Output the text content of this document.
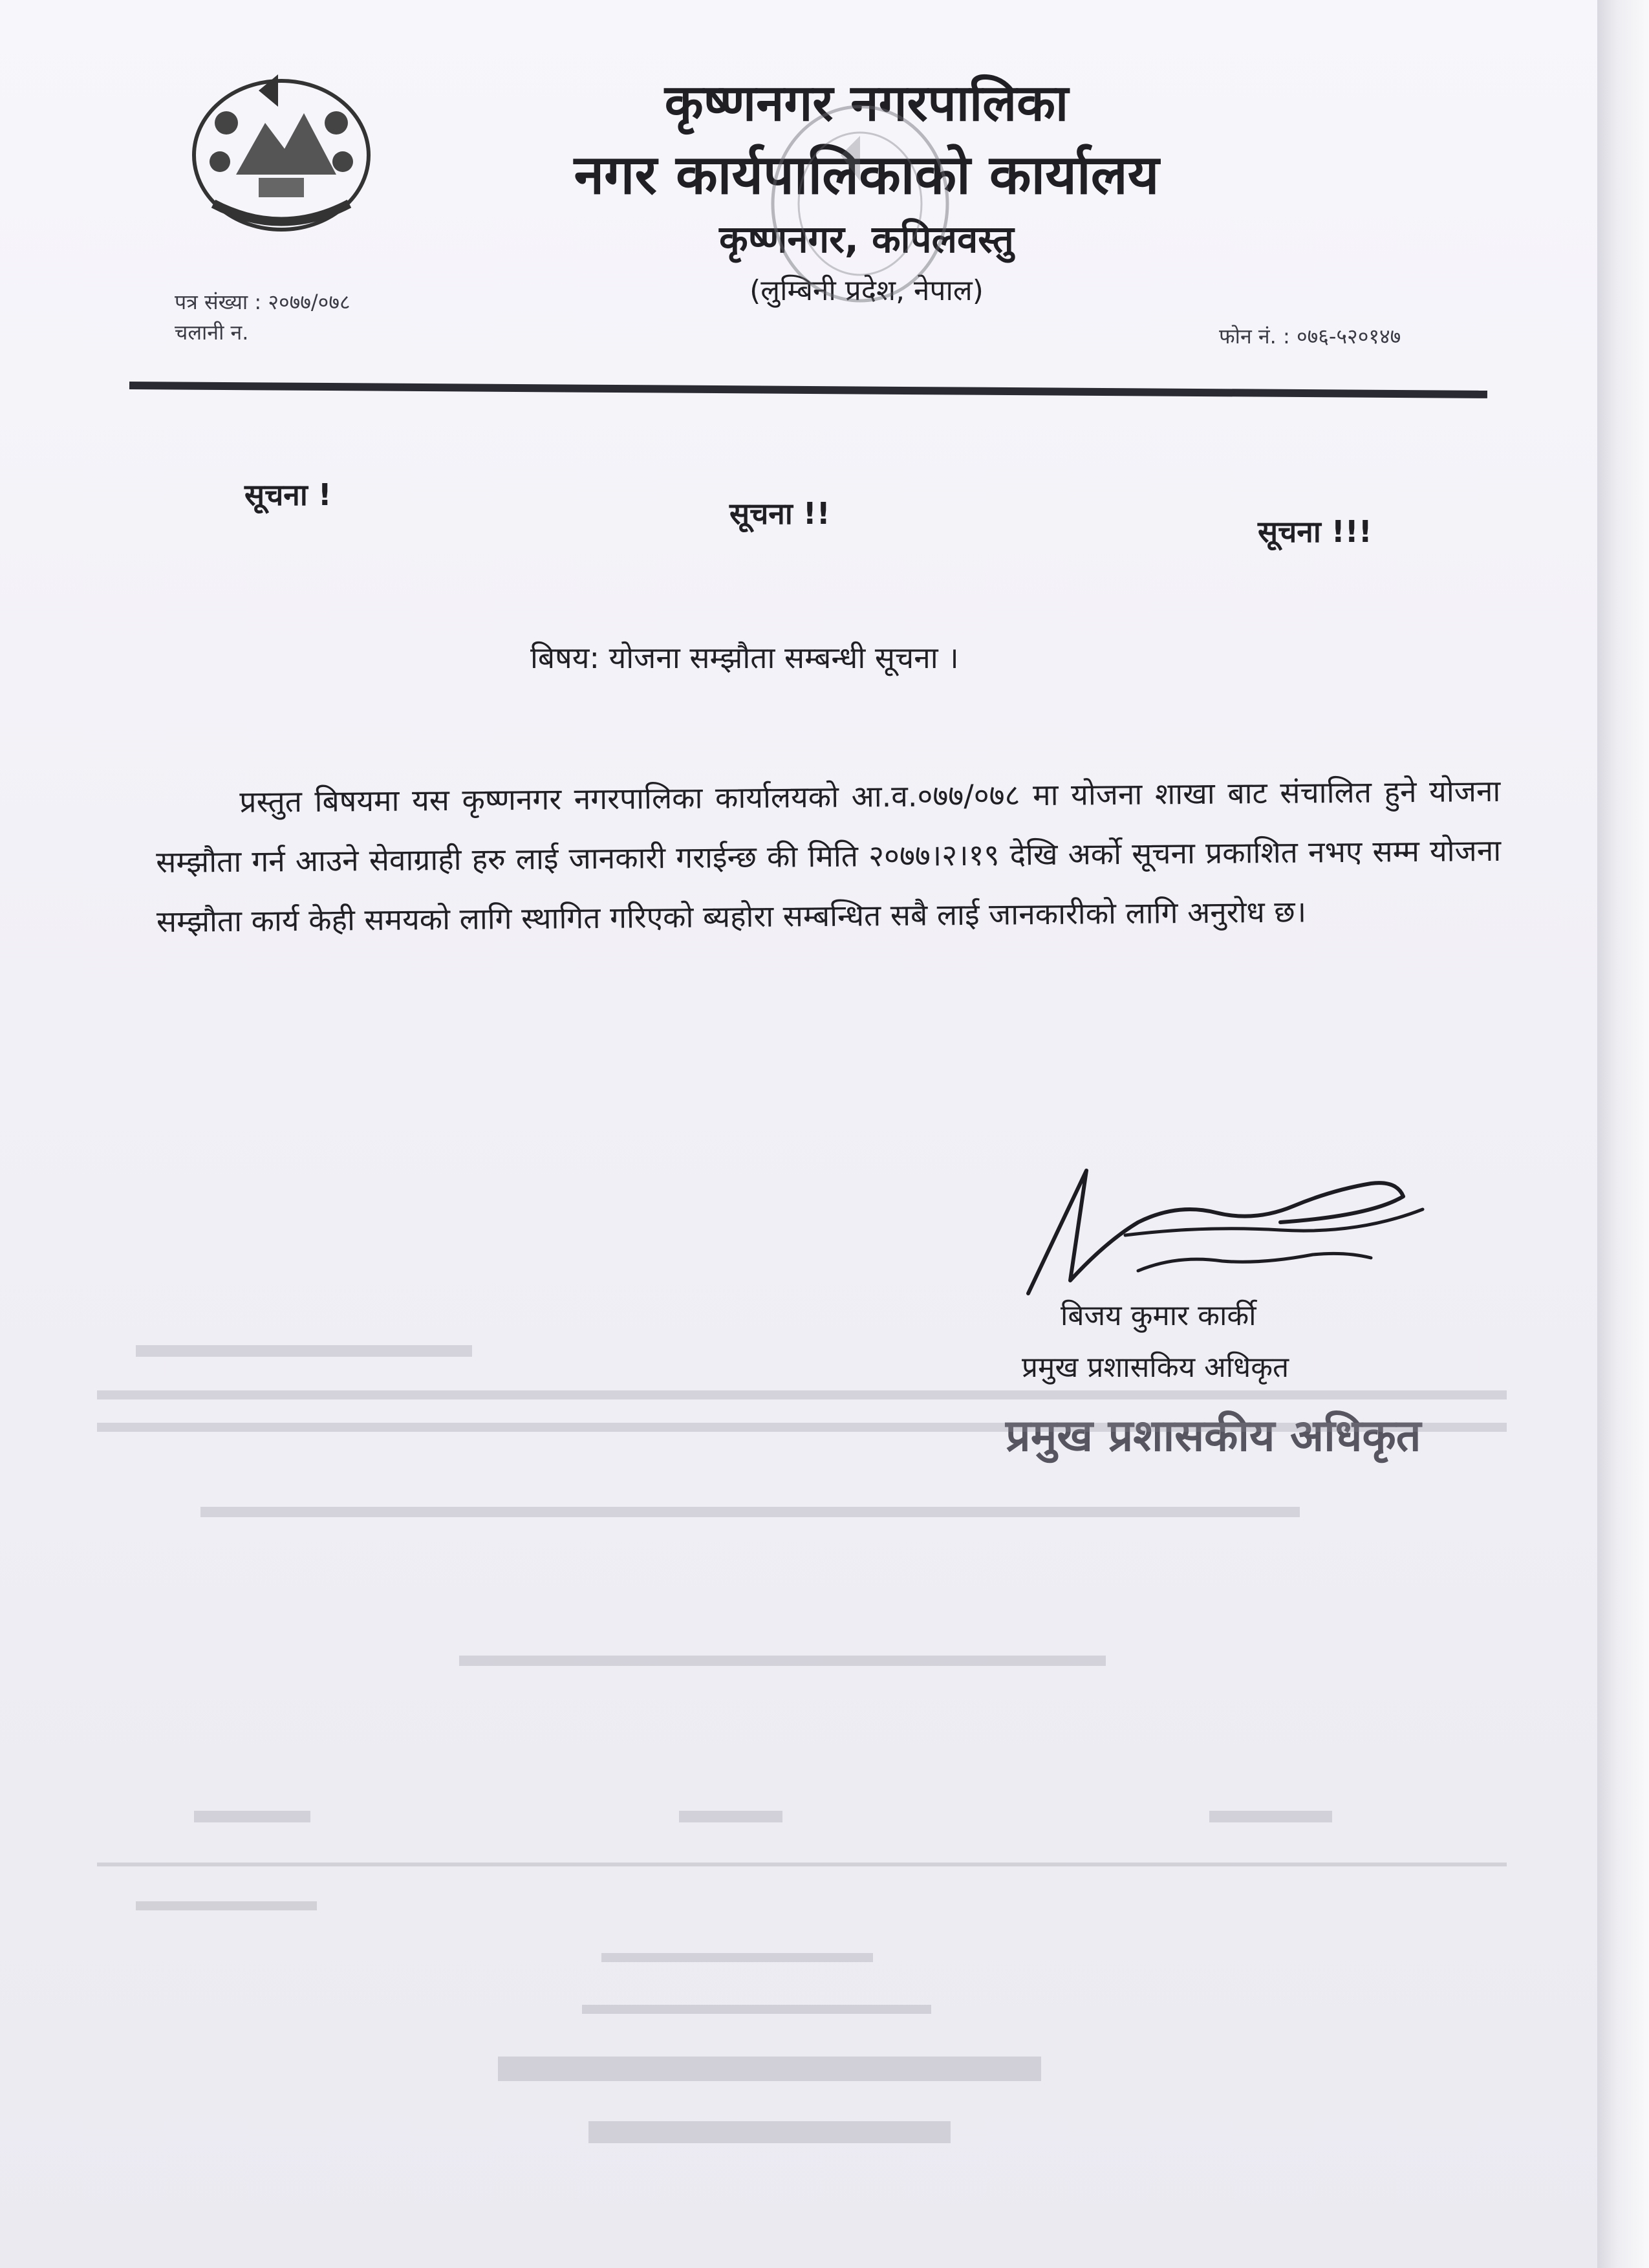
कृष्णनगर नगरपालिका
नगर कार्यपालिकाको कार्यालय
कृष्णनगर, कपिलवस्तु
(लुम्बिनी प्रदेश, नेपाल)
पत्र संख्या : २०७७/०७८
चलानी न.	फोन नं. : ०७६-५२०१४७
सूचना !
सूचना !!
सूचना !!!
बिषय: योजना सम्झौता सम्बन्धी सूचना ।

प्रस्तुत बिषयमा यस कृष्णनगर नगरपालिका कार्यालयको आ.व.०७७/०७८ मा योजना शाखा बाट संचालित हुने योजना सम्झौता गर्न आउने सेवाग्राही हरु लाई जानकारी गराईन्छ की मिति २०७७।२।१९ देखि अर्को सूचना प्रकाशित नभए सम्म योजना सम्झौता कार्य केही समयको लागि स्थागित गरिएको ब्यहोरा सम्बन्धित सबै लाई जानकारीको लागि अनुरोध छ।

बिजय कुमार कार्की
प्रमुख प्रशासकिय अधिकृत
प्रमुख प्रशासकीय अधिकृत
